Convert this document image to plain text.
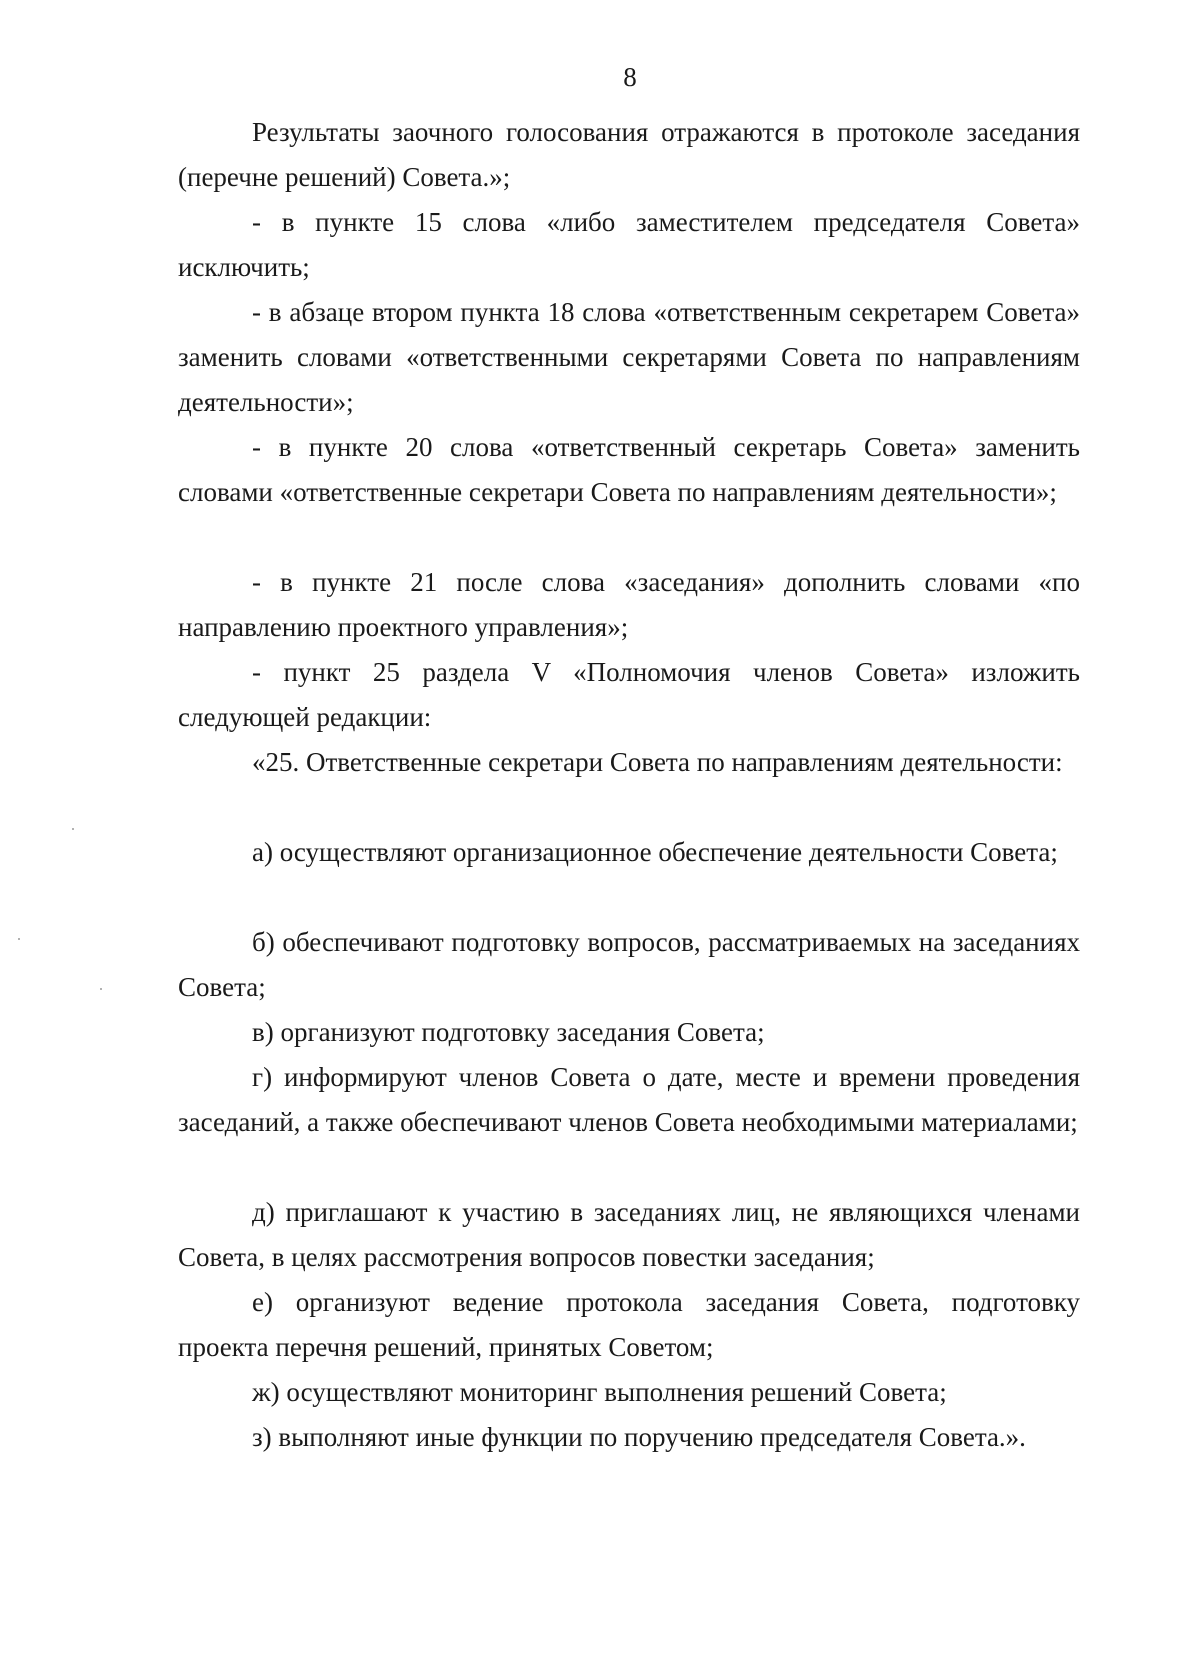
8
Результаты заочного голосования отражаются в протоколе заседания (перечне решений) Совета.»;
- в пункте 15 слова «либо заместителем председателя Совета» исключить;
- в абзаце втором пункта 18 слова «ответственным секретарем Совета» заменить словами «ответственными секретарями Совета по направлениям деятельности»;
- в пункте 20 слова «ответственный секретарь Совета» заменить словами «ответственные секретари Совета по направлениям деятельности»;
- в пункте 21 после слова «заседания» дополнить словами «по направлению проектного управления»;
- пункт 25 раздела V «Полномочия членов Совета» изложить следующей редакции:
«25. Ответственные секретари Совета по направлениям деятельности:
а) осуществляют организационное обеспечение деятельности Совета;
б) обеспечивают подготовку вопросов, рассматриваемых на заседаниях Совета;
в) организуют подготовку заседания Совета;
г) информируют членов Совета о дате, месте и времени проведения заседаний, а также обеспечивают членов Совета необходимыми материалами;
д) приглашают к участию в заседаниях лиц, не являющихся членами Совета, в целях рассмотрения вопросов повестки заседания;
е) организуют ведение протокола заседания Совета, подготовку проекта перечня решений, принятых Советом;
ж) осуществляют мониторинг выполнения решений Совета;
з) выполняют иные функции по поручению председателя Совета.».
